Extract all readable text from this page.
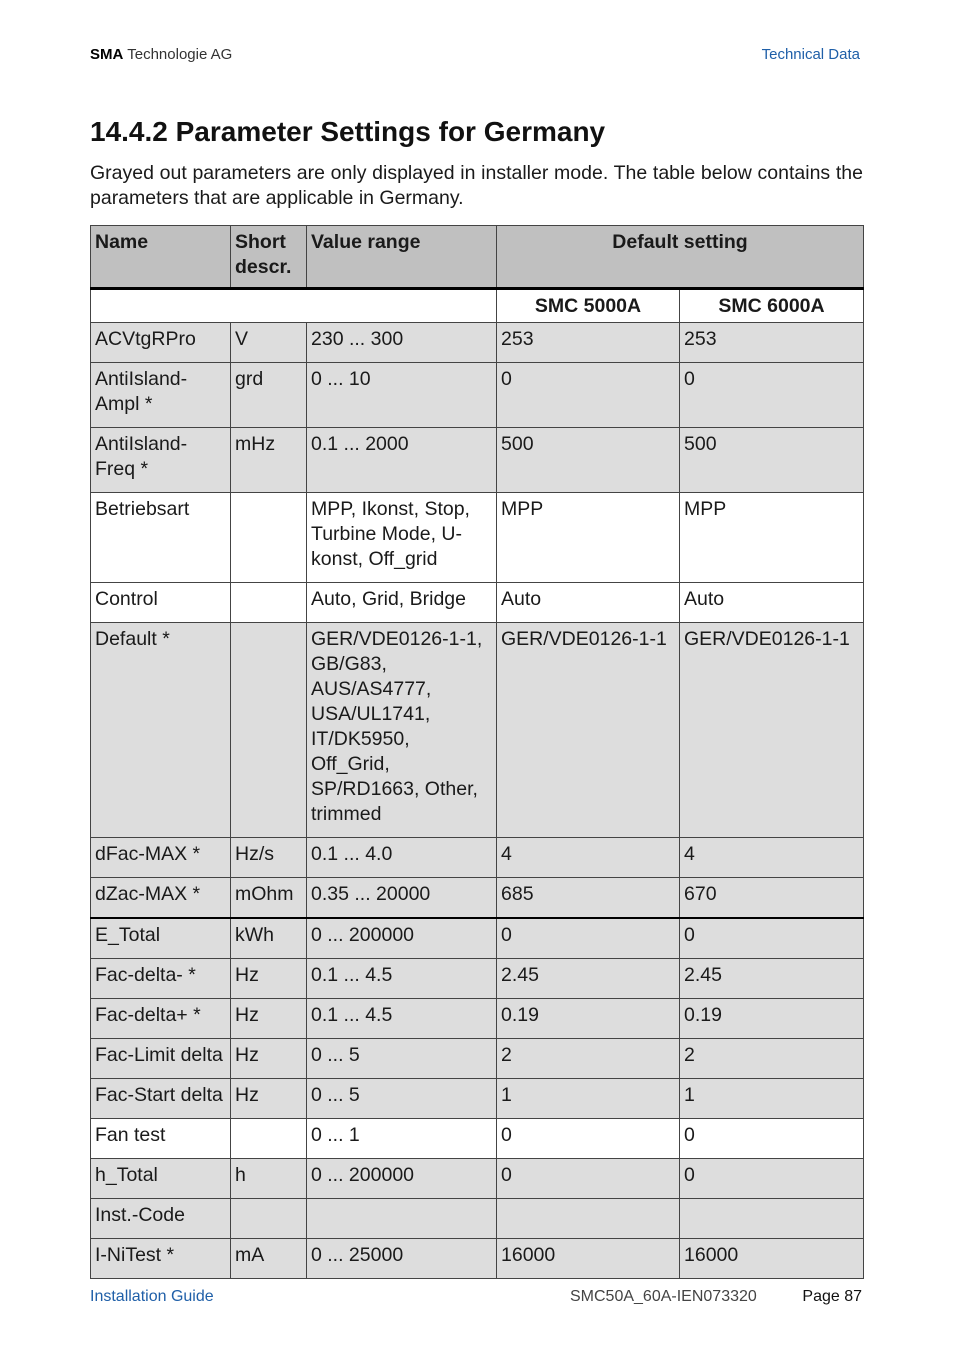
SMA Technologie AG	Technical Data
14.4.2 Parameter Settings for Germany

Grayed out parameters are only displayed in installer mode. The table below contains the parameters that are applicable in Germany.

Name	Short descr.	Value range	Default setting	
			SMC 5000A	SMC 6000A
ACVtgRPro	V	230 ... 300	253	253
AntiIsland-Ampl *	grd	0 ... 10	0	0
AntiIsland-Freq *	mHz	0.1 ... 2000	500	500
Betriebsart		MPP, Ikonst, Stop, Turbine Mode, U-konst, Off_grid	MPP	MPP
Control		Auto, Grid, Bridge	Auto	Auto
Default *		GER/VDE0126-1-1, GB/G83, AUS/AS4777, USA/UL1741, IT/DK5950, Off_Grid, SP/RD1663, Other, trimmed	GER/VDE0126-1-1	GER/VDE0126-1-1
dFac-MAX *	Hz/s	0.1 ... 4.0	4	4
dZac-MAX *	mOhm	0.35 ... 20000	685	670
E_Total	kWh	0 ... 200000	0	0
Fac-delta- *	Hz	0.1 ... 4.5	2.45	2.45
Fac-delta+ *	Hz	0.1 ... 4.5	0.19	0.19
Fac-Limit delta	Hz	0 ... 5	2	2
Fac-Start delta	Hz	0 ... 5	1	1
Fan test		0 ... 1	0	0
h_Total	h	0 ... 200000	0	0
Inst.-Code				
I-NiTest *	mA	0 ... 25000	16000	16000
Installation Guide	SMC50A_60A-IEN073320	Page 87
